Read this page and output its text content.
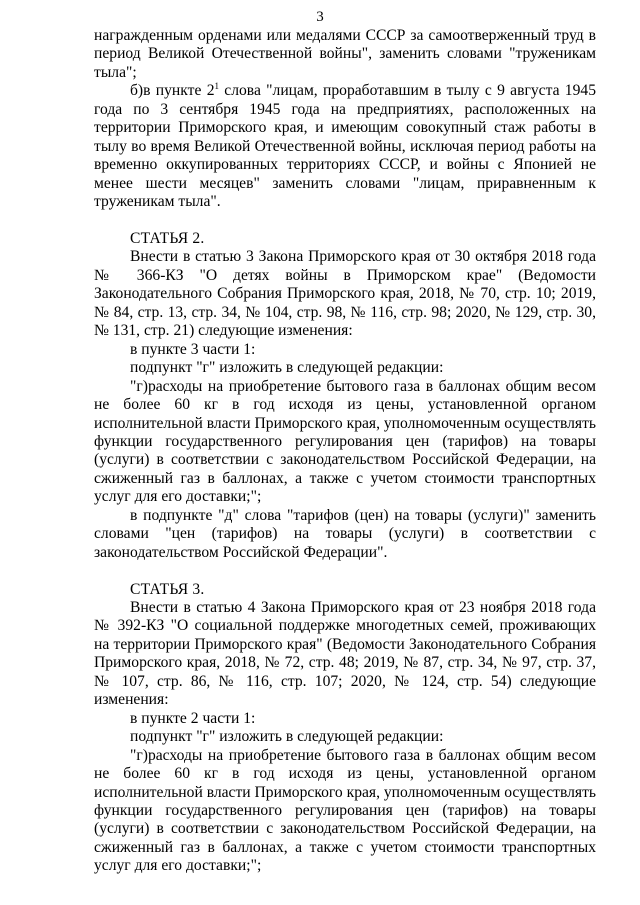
3

награжденным орденами или медалями СССР за самоотверженный труд в период Великой Отечественной войны", заменить словами "труженикам тыла";

б)в пункте $2^1$ слова "лицам, проработавшим в тылу с 9 августа 1945 года по 3 сентября 1945 года на предприятиях, расположенных на территории Приморского края, и имеющим совокупный стаж работы в тылу во время Великой Отечественной войны, исключая период работы на временно оккупированных территориях СССР, и войны с Японией не менее шести месяцев" заменить словами "лицам, приравненным к труженикам тыла".

СТАТЬЯ 2.

Внести в статью 3 Закона Приморского края от 30 октября 2018 года № 366-КЗ "О детях войны в Приморском крае" (Ведомости Законодательного Собрания Приморского края, 2018, № 70, стр. 10; 2019, № 84, стр. 13, стр. 34, № 104, стр. 98, № 116, стр. 98; 2020, № 129, стр. 30, № 131, стр. 21) следующие изменения:

в пункте 3 части 1:

подпункт "г" изложить в следующей редакции:

"г)расходы на приобретение бытового газа в баллонах общим весом не более 60 кг в год исходя из цены, установленной органом исполнительной власти Приморского края, уполномоченным осуществлять функции государственного регулирования цен (тарифов) на товары (услуги) в соответствии с законодательством Российской Федерации, на сжиженный газ в баллонах, а также с учетом стоимости транспортных услуг для его доставки;";

в подпункте "д" слова "тарифов (цен) на товары (услуги)" заменить словами "цен (тарифов) на товары (услуги) в соответствии с законодательством Российской Федерации".

СТАТЬЯ 3.

Внести в статью 4 Закона Приморского края от 23 ноября 2018 года № 392-КЗ "О социальной поддержке многодетных семей, проживающих на территории Приморского края" (Ведомости Законодательного Собрания Приморского края, 2018, № 72, стр. 48; 2019, № 87, стр. 34, № 97, стр. 37, № 107, стр. 86, № 116, стр. 107; 2020, № 124, стр. 54) следующие изменения:

в пункте 2 части 1:

подпункт "г" изложить в следующей редакции:

"г)расходы на приобретение бытового газа в баллонах общим весом не более 60 кг в год исходя из цены, установленной органом исполнительной власти Приморского края, уполномоченным осуществлять функции государственного регулирования цен (тарифов) на товары (услуги) в соответствии с законодательством Российской Федерации, на сжиженный газ в баллонах, а также с учетом стоимости транспортных услуг для его доставки;";
